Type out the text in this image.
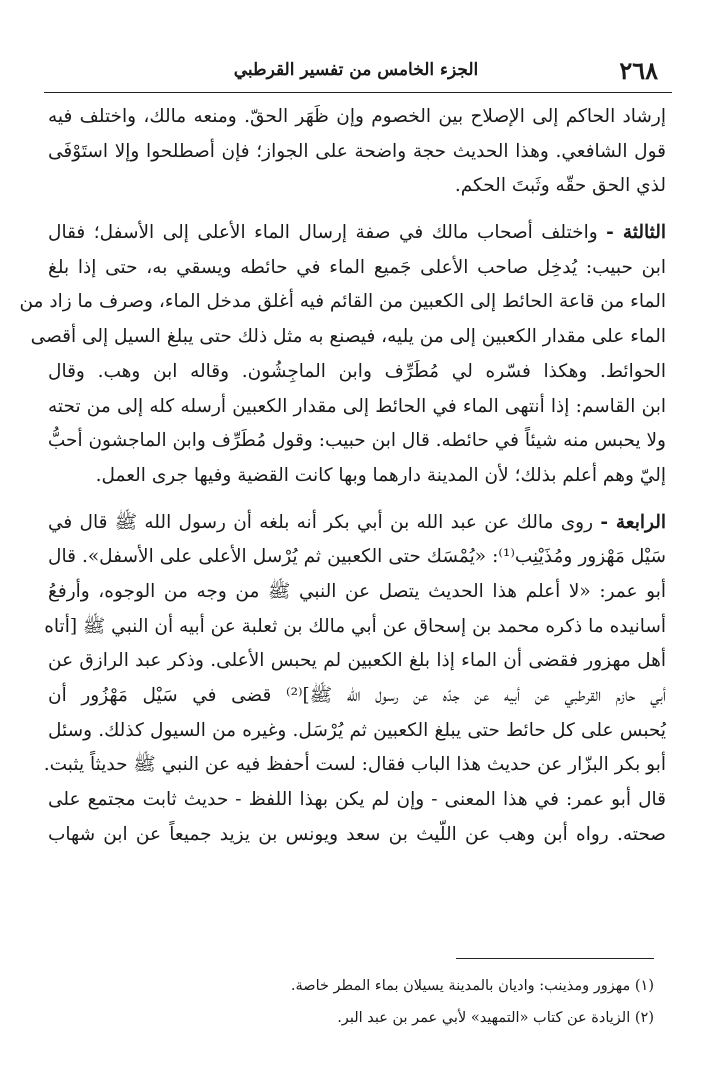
٢٦٨
الجزء الخامس من تفسير القرطبي
إرشاد الحاكم إلى الإصلاح بين الخصوم وإن ظَهَر الحقّ. ومنعه مالك، واختلف فيه
قول الشافعي. وهذا الحديث حجة واضحة على الجواز؛ فإن أصطلحوا وإلا استَوْفَى
لذي الحق حقّه وثَبتَ الحكم.
الثالثة - واختلف أصحاب مالك في صفة إرسال الماء الأعلى إلى الأسفل؛ فقال
ابن حبيب: يُدخِل صاحب الأعلى جَميع الماء في حائطه ويسقي به، حتى إذا بلغ
الماء من قاعة الحائط إلى الكعبين من القائم فيه أغلق مدخل الماء، وصرف ما زاد من
الماء على مقدار الكعبين إلى من يليه، فيصنع به مثل ذلك حتى يبلغ السيل إلى أقصى
الحوائط. وهكذا فسّره لي مُطَرِّف وابن الماجِشُون. وقاله ابن وهب. وقال
ابن القاسم: إذا أنتهى الماء في الحائط إلى مقدار الكعبين أرسله كله إلى من تحته
ولا يحبس منه شيئاً في حائطه. قال ابن حبيب: وقول مُطَرِّف وابن الماجشون أحبُّ
إليّ وهم أعلم بذلك؛ لأن المدينة دارهما وبها كانت القضية وفيها جرى العمل.
الرابعة - روى مالك عن عبد الله بن أبي بكر أنه بلغه أن رسول الله ﷺ قال في
سَيْل مَهْزور ومُذَيْنِب⁽¹⁾: «يُمْسَك حتى الكعبين ثم يُرْسل الأعلى على الأسفل». قال
أبو عمر: «لا أعلم هذا الحديث يتصل عن النبي ﷺ من وجه من الوجوه، وأرفعُ
أسانيده ما ذكره محمد بن إسحاق عن أبي مالك بن ثعلبة عن أبيه أن النبي ﷺ [أتاه
أهل مهزور فقضى أن الماء إذا بلغ الكعبين لم يحبس الأعلى. وذكر عبد الرازق عن
أبي حازم القرطبي عن أبيه عن جدّه عن رسول الله ﷺ]⁽²⁾ قضى في سَيْل مَهْزُور أن
يُحبس على كل حائط حتى يبلغ الكعبين ثم يُرْسَل. وغيره من السيول كذلك. وسئل
أبو بكر البزّار عن حديث هذا الباب فقال: لست أحفظ فيه عن النبي ﷺ حديثاً يثبت.
قال أبو عمر: في هذا المعنى - وإن لم يكن بهذا اللفظ - حديث ثابت مجتمع على
صحته. رواه أبن وهب عن اللّيث بن سعد ويونس بن يزيد جميعاً عن ابن شهاب
(١) مهزور ومذينب: واديان بالمدينة يسيلان بماء المطر خاصة.
(٢) الزيادة عن كتاب «التمهيد» لأبي عمر بن عبد البر.
